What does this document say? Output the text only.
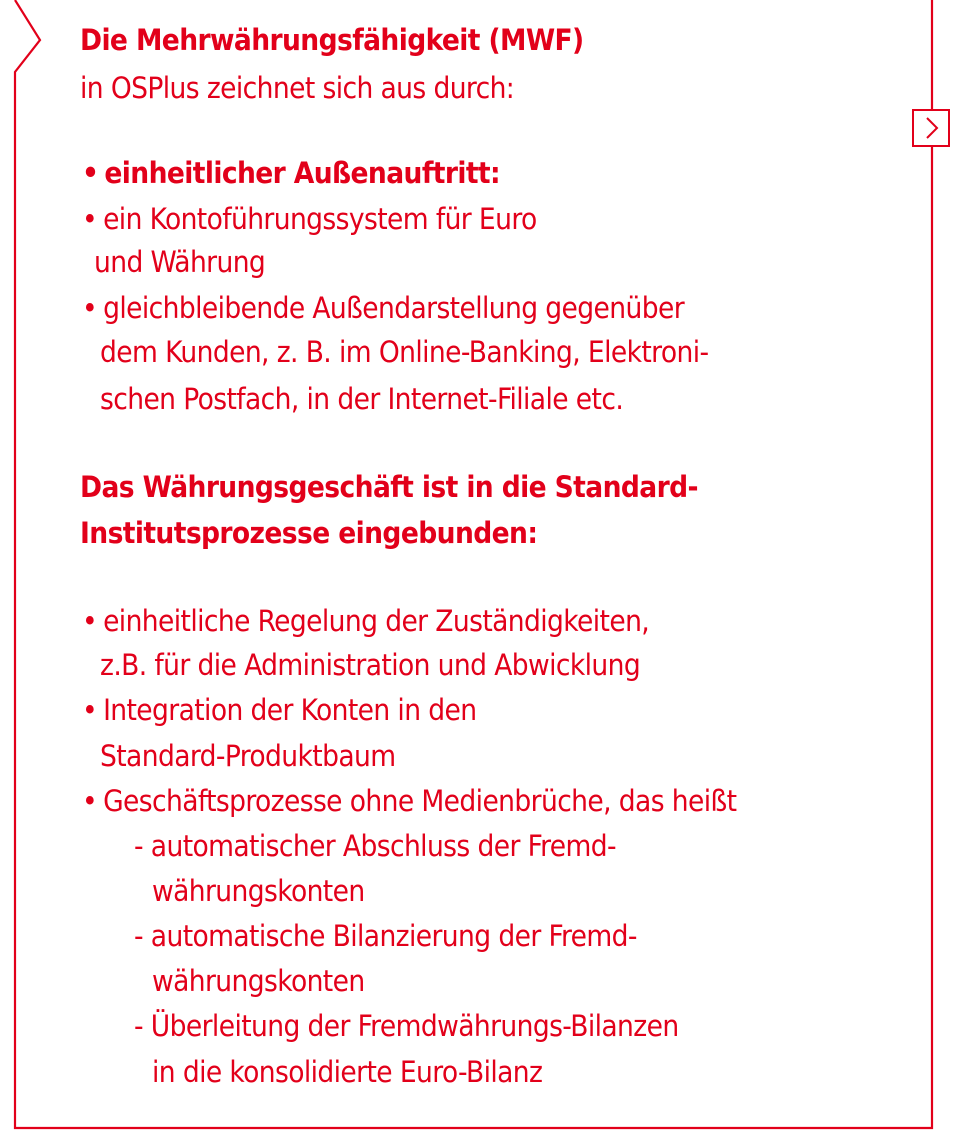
Die Mehrwährungsfähigkeit (MWF)
in OSPlus zeichnet sich aus durch:
• einheitlicher Außenauftritt:
• ein Kontoführungssystem für Euro
und Währung
• gleichbleibende Außendarstellung gegenüber
dem Kunden, z. B. im Online-Banking, Elektroni-
schen Postfach, in der Internet-Filiale etc.
Das Währungsgeschäft ist in die Standard-
Institutsprozesse eingebunden:
• einheitliche Regelung der Zuständigkeiten,
z.B. für die Administration und Abwicklung
• Integration der Konten in den
Standard-Produktbaum
• Geschäftsprozesse ohne Medienbrüche, das heißt
- automatischer Abschluss der Fremd-
währungskonten
- automatische Bilanzierung der Fremd-
währungskonten
- Überleitung der Fremdwährungs-Bilanzen
in die konsolidierte Euro-Bilanz
